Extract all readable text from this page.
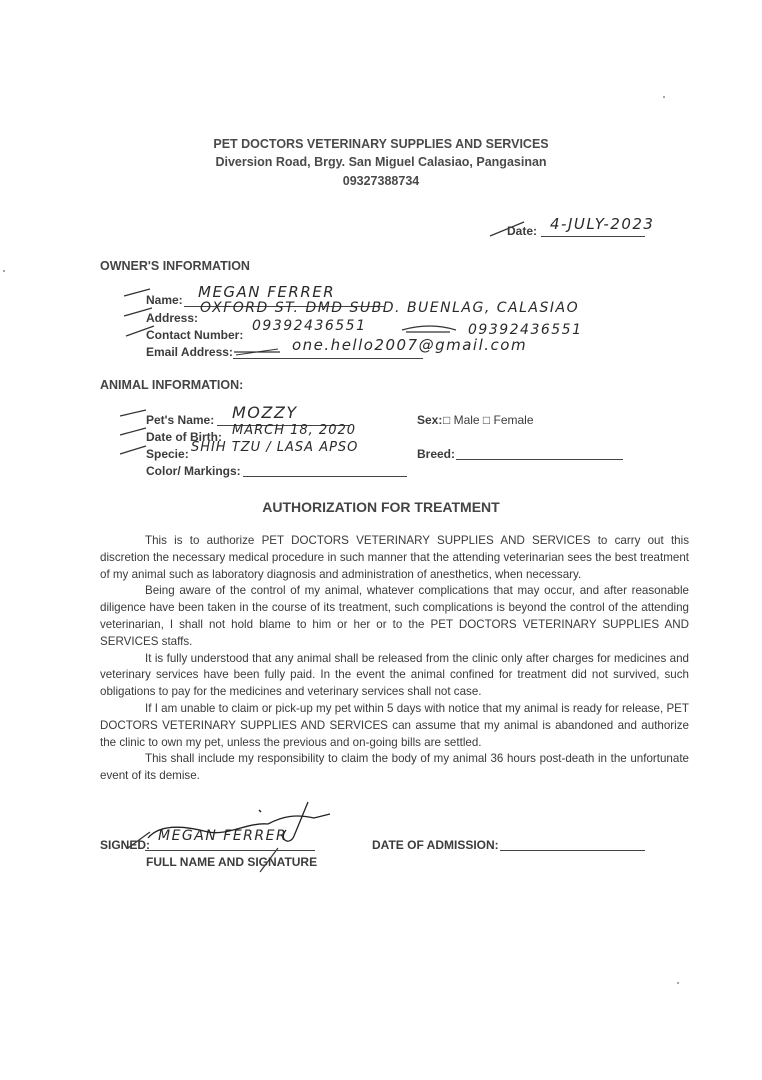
PET DOCTORS VETERINARY SUPPLIES AND SERVICES
Diversion Road, Brgy. San Miguel Calasiao, Pangasinan
09327388734
Date: 4-JULY-2023
OWNER'S INFORMATION
Name: MEGAN FERRER
Address:
OXFORD ST. DMD SUBD. BUENLAG, CALASIAO
Contact Number:
09392436551	09392436551
Email Address:	one.hello2007@gmail.com
ANIMAL INFORMATION:
Pet's Name: MOZZY
Date of Birth: MARCH 18, 2020
Specie: SHIH TZU / LASA APSO
Color/ Markings:
Sex: □ Male □ Female
Breed:
AUTHORIZATION FOR TREATMENT

This is to authorize PET DOCTORS VETERINARY SUPPLIES AND SERVICES to carry out this discretion the necessary medical procedure in such manner that the attending veterinarian sees the best treatment of my animal such as laboratory diagnosis and administration of anesthetics, when necessary.

Being aware of the control of my animal, whatever complications that may occur, and after reasonable diligence have been taken in the course of its treatment, such complications is beyond the control of the attending veterinarian, I shall not hold blame to him or her or to the PET DOCTORS VETERINARY SUPPLIES AND SERVICES staffs.

It is fully understood that any animal shall be released from the clinic only after charges for medicines and veterinary services have been fully paid. In the event the animal confined for treatment did not survived, such obligations to pay for the medicines and veterinary services shall not case.

If I am unable to claim or pick-up my pet within 5 days with notice that my animal is ready for release, PET DOCTORS VETERINARY SUPPLIES AND SERVICES can assume that my animal is abandoned and authorize the clinic to own my pet, unless the previous and on-going bills are settled.

This shall include my responsibility to claim the body of my animal 36 hours post-death in the unfortunate event of its demise.

SIGNED:
MEGAN FERRER
FULL NAME AND SIGNATURE
DATE OF ADMISSION:
